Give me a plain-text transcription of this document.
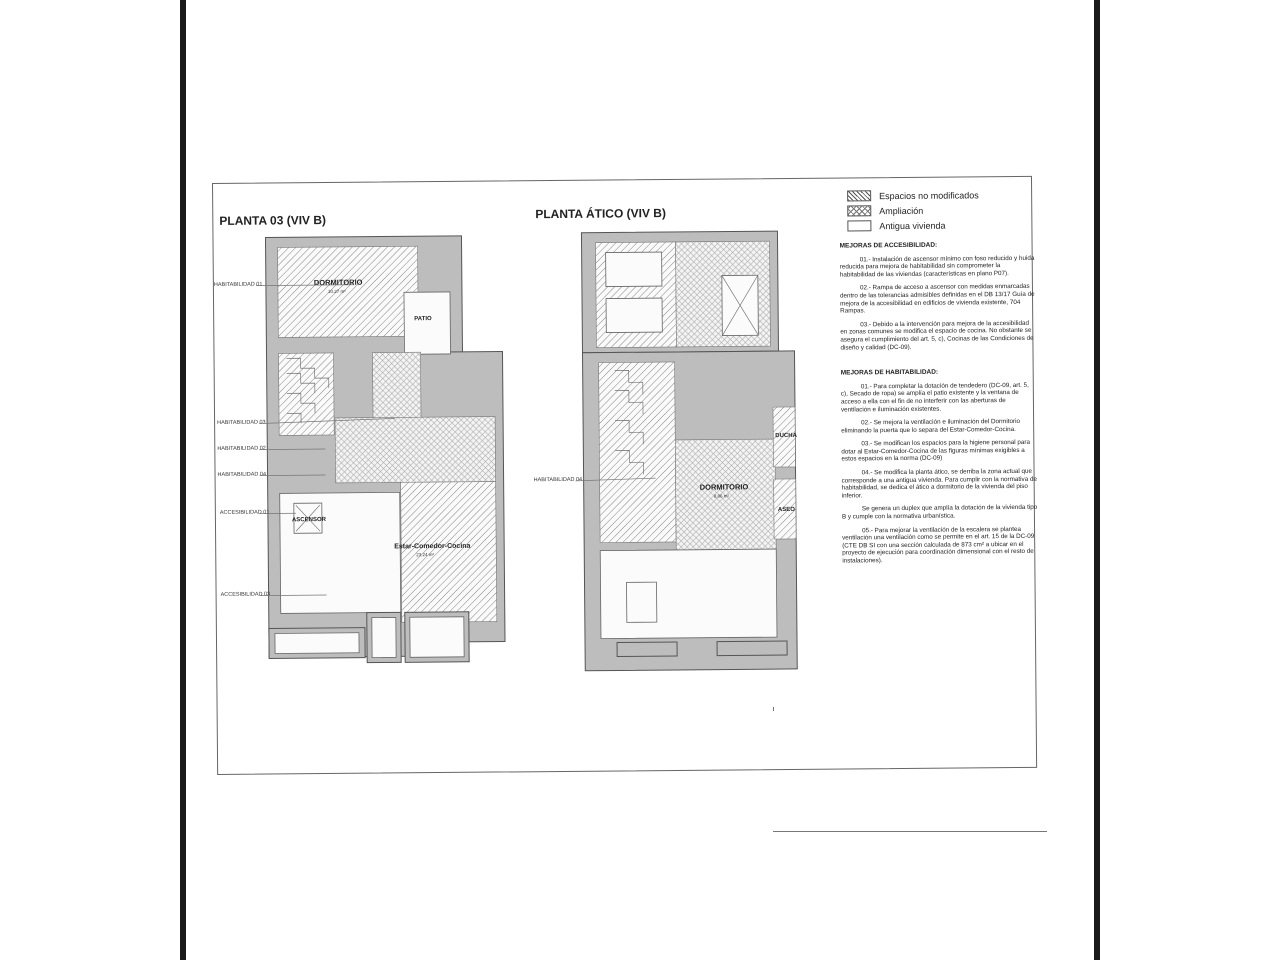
PLANTA 03 (VIV B)	PLANTA ÁTICO (VIV B)
DORMITORIO
10.27 m²
PATIO
ASCENSOR
Estar-Comedor-Cocina
23.24 m²
HABITABILIDAD 01
HABITABILIDAD 03
HABITABILIDAD 02
HABITABILIDAD 04
ACCESIBILIDAD 01
ACCESIBILIDAD 03
DORMITORIO
8.86 m²
DUCHA
ASEO
HABITABILIDAD 04
Espacios no modificados
Ampliación
Antigua vivienda
MEJORAS DE ACCESIBILIDAD:

01.- Instalación de ascensor mínimo con foso reducido y huida reducida para mejora de habitabilidad sin comprometer la habitabilidad de las viviendas (características en plano P07).

02.- Rampa de acceso a ascensor con medidas enmarcadas dentro de las tolerancias admisibles definidas en el DB 13/17 Guía de mejora de la accesibilidad en edificios de vivienda existente, 704 Rampas.

03.- Debido a la intervención para mejora de la accesibilidad en zonas comunes se modifica el espacio de cocina. No obstante se asegura el cumplimiento del art. 5, c), Cocinas de las Condiciones de diseño y calidad (DC-09).

MEJORAS DE HABITABILIDAD:

01.- Para completar la dotación de tendedero (DC-09, art. 5, c), Secado de ropa) se amplía el patio existente y la ventana de acceso a ella con el fin de no interferir con las aberturas de ventilación e iluminación existentes.

02.- Se mejora la ventilación e iluminación del Dormitorio eliminando la puerta que lo separa del Estar-Comedor-Cocina.

03.- Se modifican los espacios para la higiene personal para dotar al Estar-Comedor-Cocina de las figuras mínimas exigibles a estos espacios en la norma (DC-09)

04.- Se modifica la planta ático, se derriba la zona actual que corresponde a una antigua vivienda. Para cumplir con la normativa de habitabilidad, se dedica el ático a dormitorio de la vivienda del piso inferior.

Se genera un duplex que amplía la dotación de la vivienda tipo B y cumple con la normativa urbanística.

05.- Para mejorar la ventilación de la escalera se plantea ventilación una ventilación como se permite en el art. 15 de la DC-09 (CTE DB SI con una sección calculada de 873 cm² a ubicar en el proyecto de ejecución para coordinación dimensional con el resto de instalaciones).
